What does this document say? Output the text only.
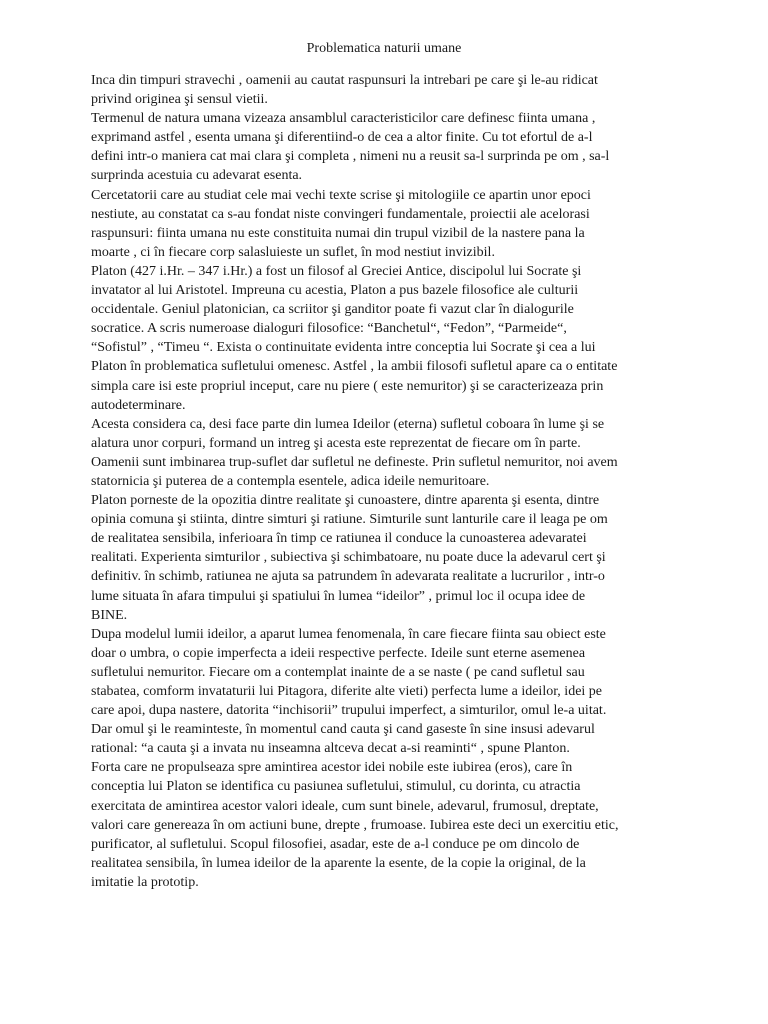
Problematica naturii umane
Inca din timpuri stravechi , oamenii au cautat raspunsuri la intrebari pe care şi le-au ridicat
privind originea şi sensul vietii.
Termenul de natura umana vizeaza ansamblul caracteristicilor care definesc fiinta umana ,
exprimand astfel , esenta umana şi diferentiind-o de cea a altor finite. Cu tot efortul de a-l
defini intr-o maniera cat mai clara şi completa , nimeni nu a reusit sa-l surprinda pe om , sa-l
surprinda acestuia cu adevarat esenta.
Cercetatorii care au studiat cele mai vechi texte scrise şi mitologiile ce apartin unor epoci
nestiute, au constatat ca s-au fondat niste convingeri fundamentale, proiectii ale acelorasi
raspunsuri: fiinta umana nu este constituita numai din trupul vizibil de la nastere pana la
moarte , ci în fiecare corp salasluieste un suflet, în mod nestiut invizibil.
Platon (427 i.Hr. – 347 i.Hr.) a fost un filosof al Greciei Antice, discipolul lui Socrate şi
invatator al lui Aristotel. Impreuna cu acestia, Platon a pus bazele filosofice ale culturii
occidentale. Geniul platonician, ca scriitor şi ganditor poate fi vazut clar în dialogurile
socratice. A scris numeroase dialoguri filosofice: “Banchetul“, “Fedon”, “Parmeide“,
“Sofistul” , “Timeu “. Exista o continuitate evidenta intre conceptia lui Socrate şi cea a lui
Platon în problematica sufletului omenesc. Astfel , la ambii filosofi sufletul apare ca o entitate
simpla care isi este propriul inceput, care nu piere ( este nemuritor) şi se caracterizeaza prin
autodeterminare.
Acesta considera ca, desi face parte din lumea Ideilor (eterna) sufletul coboara în lume şi se
alatura unor corpuri, formand un intreg şi acesta este reprezentat de fiecare om în parte.
Oamenii sunt imbinarea trup-suflet dar sufletul ne defineste. Prin sufletul nemuritor, noi avem
statornicia şi puterea de a contempla esentele, adica ideile nemuritoare.
Platon porneste de la opozitia dintre realitate şi cunoastere, dintre aparenta şi esenta, dintre
opinia comuna şi stiinta, dintre simturi şi ratiune. Simturile sunt lanturile care il leaga pe om
de realitatea sensibila, inferioara în timp ce ratiunea il conduce la cunoasterea adevaratei
realitati. Experienta simturilor , subiectiva şi schimbatoare, nu poate duce la adevarul cert şi
definitiv. în schimb, ratiunea ne ajuta sa patrundem în adevarata realitate a lucrurilor , intr-o
lume situata în afara timpului şi spatiului în lumea “ideilor” , primul loc il ocupa idee de
BINE.
Dupa modelul lumii ideilor, a aparut lumea fenomenala, în care fiecare fiinta sau obiect este
doar o umbra, o copie imperfecta a ideii respective perfecte. Ideile sunt eterne asemenea
sufletului nemuritor. Fiecare om a contemplat inainte de a se naste ( pe cand sufletul sau
stabatea, comform invataturii lui Pitagora, diferite alte vieti) perfecta lume a ideilor, idei pe
care apoi, dupa nastere, datorita “inchisorii” trupului imperfect, a simturilor, omul le-a uitat.
Dar omul şi le reaminteste, în momentul cand cauta şi cand gaseste în sine insusi adevarul
rational: “a cauta şi a invata nu inseamna altceva decat a-si reaminti“ , spune Planton.
Forta care ne propulseaza spre amintirea acestor idei nobile este iubirea (eros), care în
conceptia lui Platon se identifica cu pasiunea sufletului, stimulul, cu dorinta, cu atractia
exercitata de amintirea acestor valori ideale, cum sunt binele, adevarul, frumosul, dreptate,
valori care genereaza în om actiuni bune, drepte , frumoase. Iubirea este deci un exercitiu etic,
purificator, al sufletului. Scopul filosofiei, asadar, este de a-l conduce pe om dincolo de
realitatea sensibila, în lumea ideilor de la aparente la esente, de la copie la original, de la
imitatie la prototip.
